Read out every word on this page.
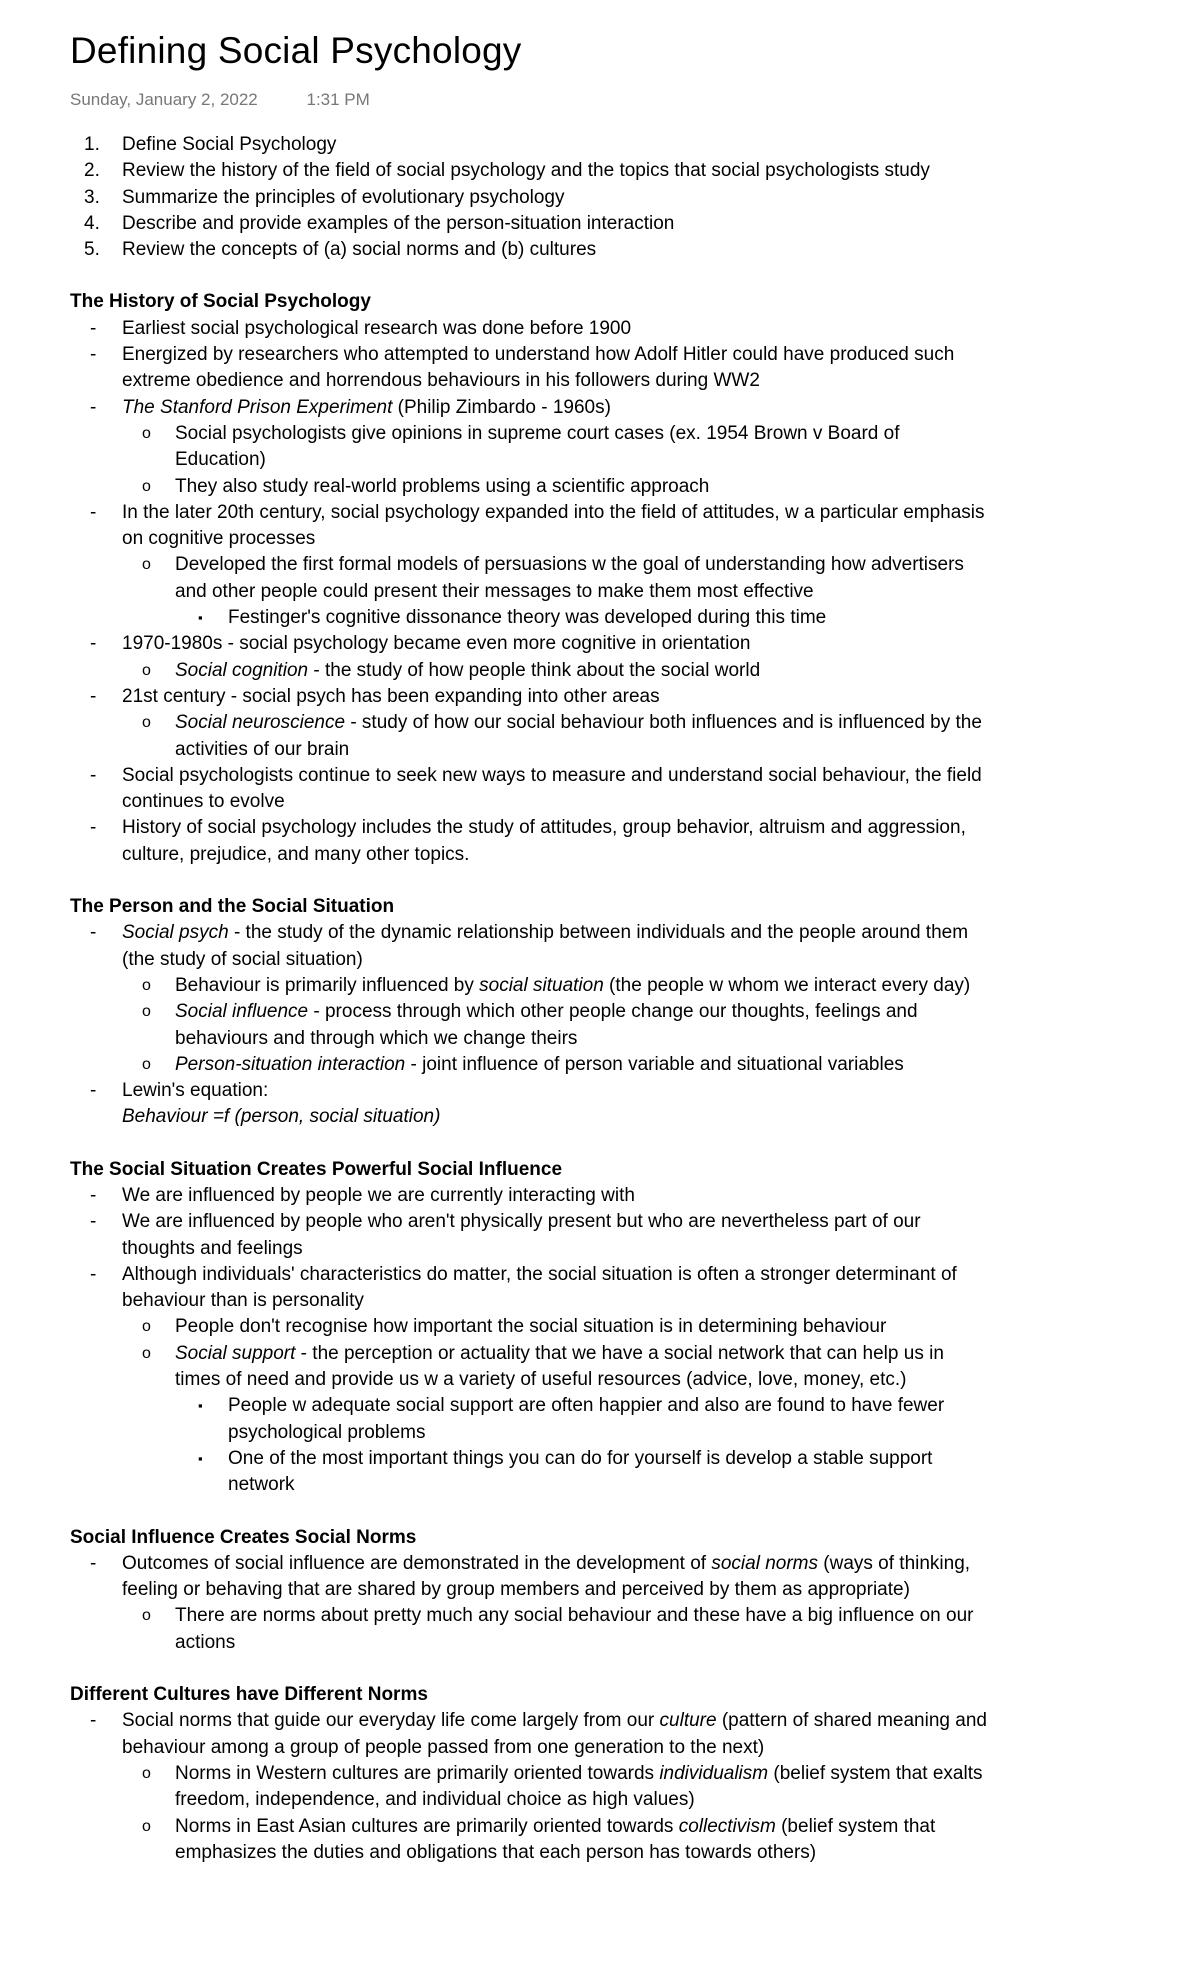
Defining Social Psychology
Sunday, January 2, 2022	1:31 PM
1. Define Social Psychology
2. Review the history of the field of social psychology and the topics that social psychologists study
3. Summarize the principles of evolutionary psychology
4. Describe and provide examples of the person-situation interaction
5. Review the concepts of (a) social norms and (b) cultures
The History of Social Psychology
- Earliest social psychological research was done before 1900
- Energized by researchers who attempted to understand how Adolf Hitler could have produced such extreme obedience and horrendous behaviours in his followers during WW2
- The Stanford Prison Experiment (Philip Zimbardo - 1960s)
o Social psychologists give opinions in supreme court cases (ex. 1954 Brown v Board of Education)
o They also study real-world problems using a scientific approach
- In the later 20th century, social psychology expanded into the field of attitudes, w a particular emphasis on cognitive processes
o Developed the first formal models of persuasions w the goal of understanding how advertisers and other people could present their messages to make them most effective
▪ Festinger's cognitive dissonance theory was developed during this time
- 1970-1980s - social psychology became even more cognitive in orientation
o Social cognition - the study of how people think about the social world
- 21st century - social psych has been expanding into other areas
o Social neuroscience - study of how our social behaviour both influences and is influenced by the activities of our brain
- Social psychologists continue to seek new ways to measure and understand social behaviour, the field continues to evolve
- History of social psychology includes the study of attitudes, group behavior, altruism and aggression, culture, prejudice, and many other topics.
The Person and the Social Situation
- Social psych - the study of the dynamic relationship between individuals and the people around them (the study of social situation)
o Behaviour is primarily influenced by social situation (the people w whom we interact every day)
o Social influence - process through which other people change our thoughts, feelings and behaviours and through which we change theirs
o Person-situation interaction - joint influence of person variable and situational variables
- Lewin's equation:
Behaviour =f (person, social situation)
The Social Situation Creates Powerful Social Influence
- We are influenced by people we are currently interacting with
- We are influenced by people who aren't physically present but who are nevertheless part of our thoughts and feelings
- Although individuals' characteristics do matter, the social situation is often a stronger determinant of behaviour than is personality
o People don't recognise how important the social situation is in determining behaviour
o Social support - the perception or actuality that we have a social network that can help us in times of need and provide us w a variety of useful resources (advice, love, money, etc.)
▪ People w adequate social support are often happier and also are found to have fewer psychological problems
▪ One of the most important things you can do for yourself is develop a stable support network
Social Influence Creates Social Norms
- Outcomes of social influence are demonstrated in the development of social norms (ways of thinking, feeling or behaving that are shared by group members and perceived by them as appropriate)
o There are norms about pretty much any social behaviour and these have a big influence on our actions
Different Cultures have Different Norms
- Social norms that guide our everyday life come largely from our culture (pattern of shared meaning and behaviour among a group of people passed from one generation to the next)
o Norms in Western cultures are primarily oriented towards individualism (belief system that exalts freedom, independence, and individual choice as high values)
o Norms in East Asian cultures are primarily oriented towards collectivism (belief system that emphasizes the duties and obligations that each person has towards others)
